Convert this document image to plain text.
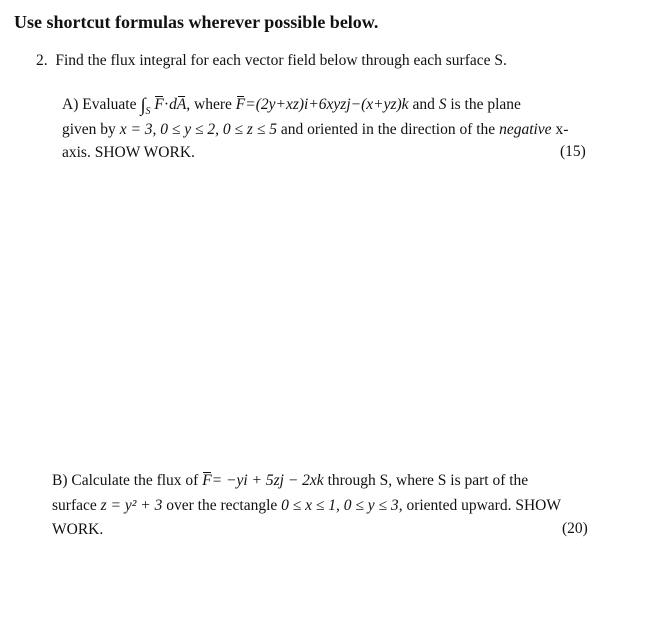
Use shortcut formulas wherever possible below.
2. Find the flux integral for each vector field below through each surface S.
A) Evaluate $\int_S$ F·dA, where F=(2y+xz)i+6xyzj−(x+yz)k and S is the plane
given by x = 3, 0 ≤ y ≤ 2, 0 ≤ z ≤ 5 and oriented in the direction of the negative x-
axis. SHOW WORK.	(15)
B) Calculate the flux of F= −yi + 5zj − 2xk through S, where S is part of the
surface z = y² + 3 over the rectangle 0 ≤ x ≤ 1, 0 ≤ y ≤ 3, oriented upward. SHOW
WORK.	(20)
